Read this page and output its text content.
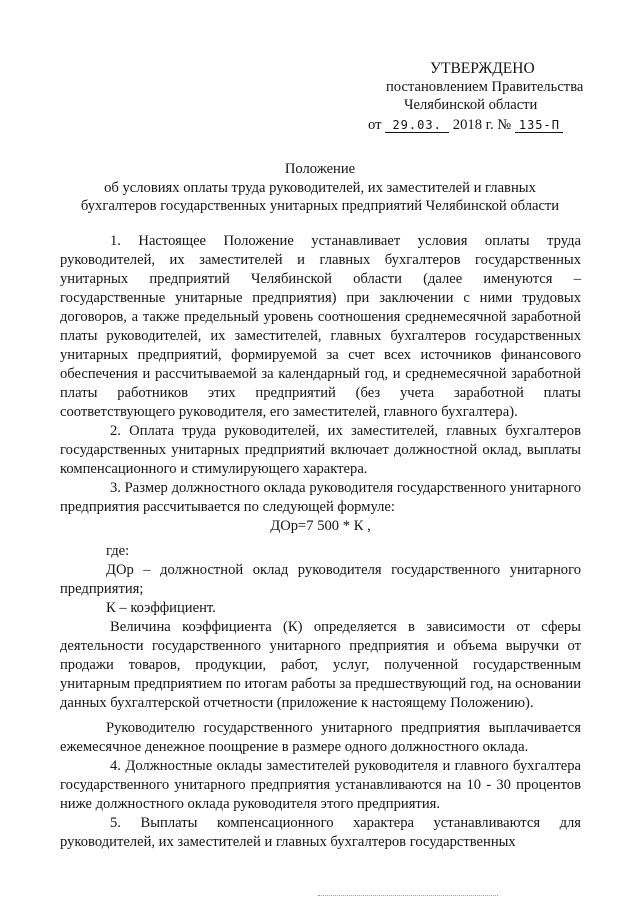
УТВЕРЖДЕНО
постановлением Правительства
Челябинской области
от 29.03. 2018 г. № 135-П
Положение
об условиях оплаты труда руководителей, их заместителей и главных
бухгалтеров государственных унитарных предприятий Челябинской области

1. Настоящее Положение устанавливает условия оплаты труда руководителей, их заместителей и главных бухгалтеров государственных унитарных предприятий Челябинской области (далее именуются – государственные унитарные предприятия) при заключении с ними трудовых договоров, а также предельный уровень соотношения среднемесячной заработной платы руководителей, их заместителей, главных бухгалтеров государственных унитарных предприятий, формируемой за счет всех источников финансового обеспечения и рассчитываемой за календарный год, и среднемесячной заработной платы работников этих предприятий (без учета заработной платы соответствующего руководителя, его заместителей, главного бухгалтера).

2. Оплата труда руководителей, их заместителей, главных бухгалтеров государственных унитарных предприятий включает должностной оклад, выплаты компенсационного и стимулирующего характера.

3. Размер должностного оклада руководителя государственного унитарного предприятия рассчитывается по следующей формуле:

ДОр=7 500 * К ,

где:

ДОр – должностной оклад руководителя государственного унитарного предприятия;

К – коэффициент.

Величина коэффициента (К) определяется в зависимости от сферы деятельности государственного унитарного предприятия и объема выручки от продажи товаров, продукции, работ, услуг, полученной государственным унитарным предприятием по итогам работы за предшествующий год, на основании данных бухгалтерской отчетности (приложение к настоящему Положению).

Руководителю государственного унитарного предприятия выплачивается ежемесячное денежное поощрение в размере одного должностного оклада.

4. Должностные оклады заместителей руководителя и главного бухгалтера государственного унитарного предприятия устанавливаются на 10 - 30 процентов ниже должностного оклада руководителя этого предприятия.

5. Выплаты компенсационного характера устанавливаются для руководителей, их заместителей и главных бухгалтеров государственных
